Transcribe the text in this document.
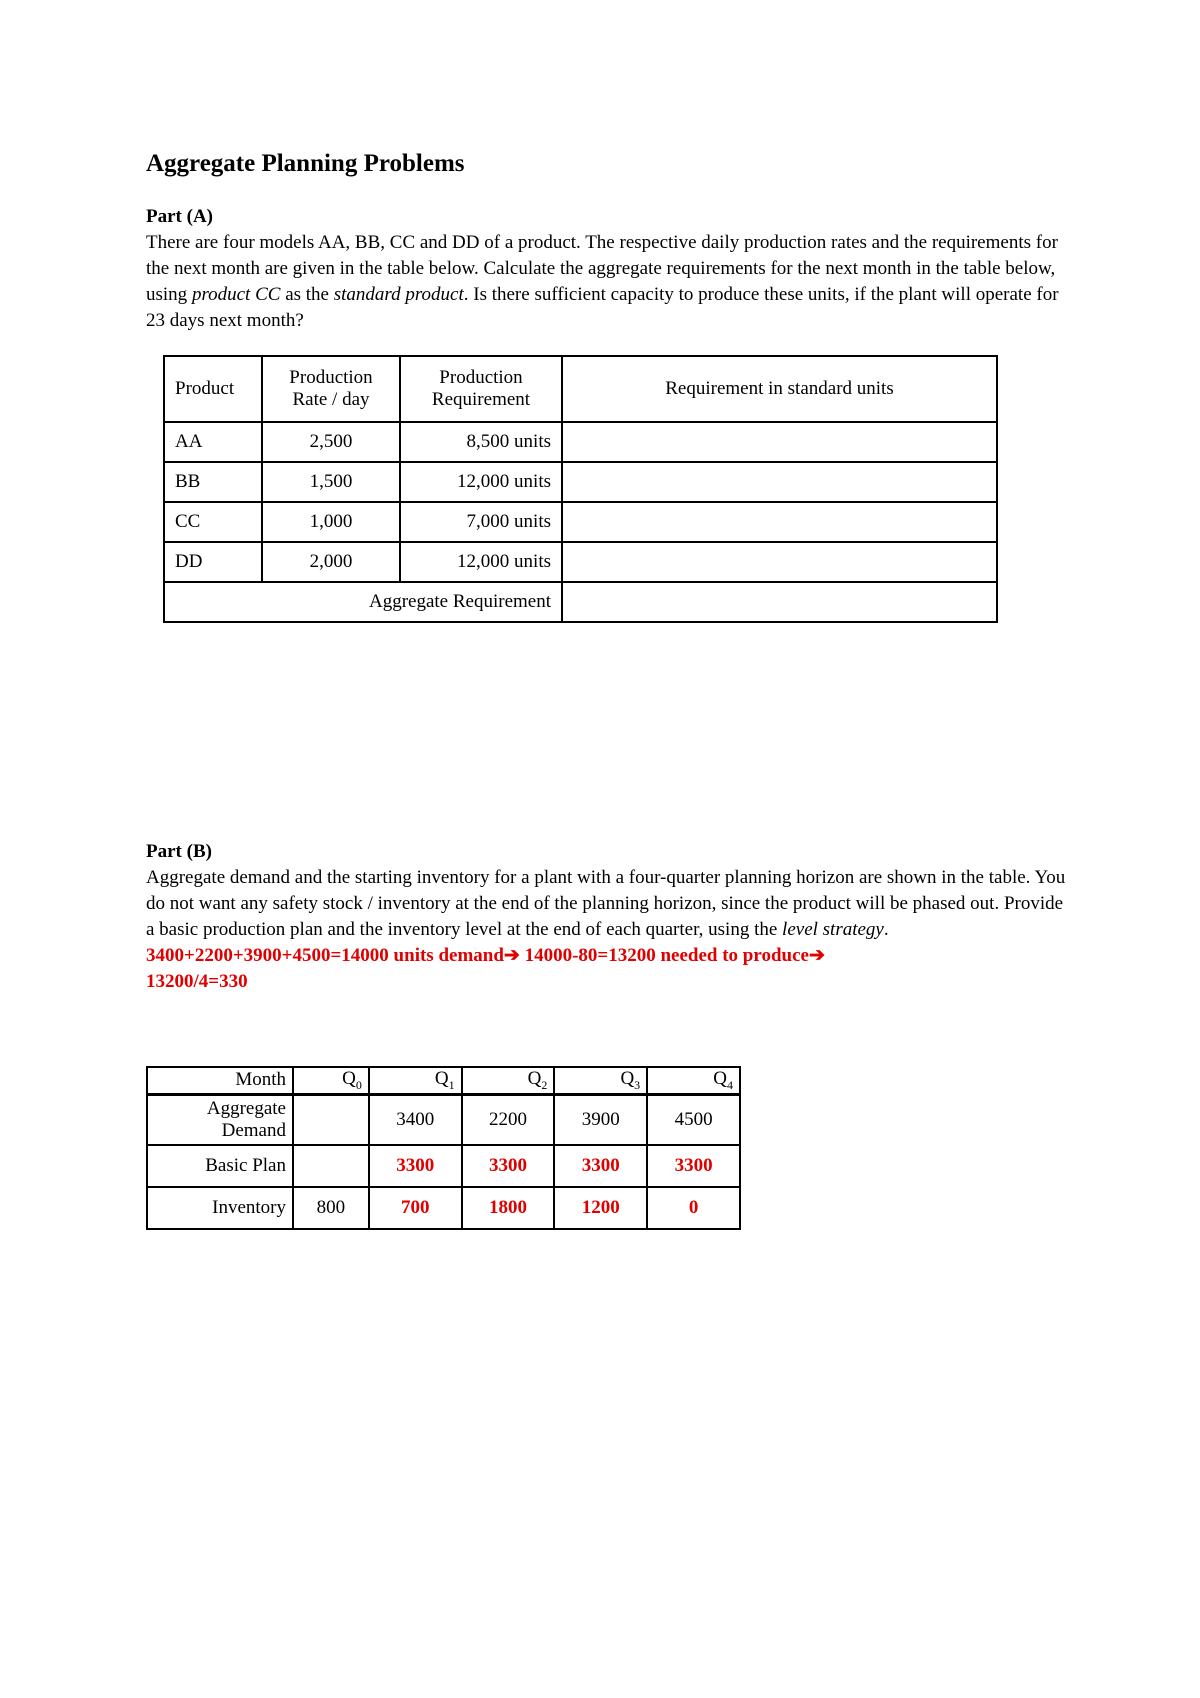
Aggregate Planning Problems

Part (A)

There are four models AA, BB, CC and DD of a product. The respective daily production rates and the requirements for the next month are given in the table below. Calculate the aggregate requirements for the next month in the table below, using product CC as the standard product. Is there sufficient capacity to produce these units, if the plant will operate for 23 days next month?

Product	Production Rate / day	Production Requirement	Requirement in standard units
AA	2,500	8,500 units	
BB	1,500	12,000 units	
CC	1,000	7,000 units	
DD	2,000	12,000 units	
Aggregate Requirement			

Part (B)

Aggregate demand and the starting inventory for a plant with a four-quarter planning horizon are shown in the table. You do not want any safety stock / inventory at the end of the planning horizon, since the product will be phased out. Provide a basic production plan and the inventory level at the end of each quarter, using the level strategy.

3400+2200+3900+4500=14000 units demand➔ 14000-80=13200 needed to produce➔
13200/4=330

Month	$Q_0$	$Q_1$	$Q_2$	$Q_3$	$Q_4$
Aggregate
Demand		3400	2200	3900	4500
Basic Plan		3300	3300	3300	3300
Inventory	800	700	1800	1200	0
